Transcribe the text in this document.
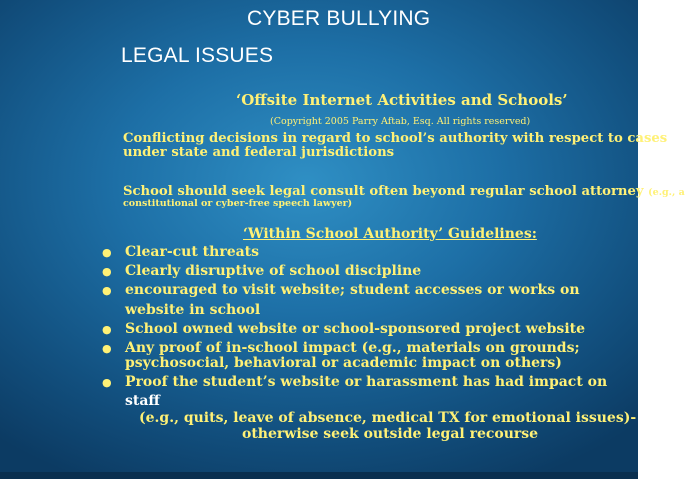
CYBER BULLYING
LEGAL ISSUES
‘Offsite Internet Activities and Schools’
(Copyright 2005 Parry Aftab, Esq. All rights reserved)
Conflicting decisions in regard to school’s authority with respect to cases
under state and federal jurisdictions
School should seek legal consult often beyond regular school attorney (e.g., a
constitutional or cyber-free speech lawyer)
‘Within School Authority’ Guidelines:
● Clear-cut threats
● Clearly disruptive of school discipline
● encouraged to visit website; student accesses or works on
website in school
● School owned website or school-sponsored project website
● Any proof of in-school impact (e.g., materials on grounds;
psychosocial, behavioral or academic impact on others)
● Proof the student’s website or harassment has had impact on
staff
(e.g., quits, leave of absence, medical TX for emotional issues)-
otherwise seek outside legal recourse
